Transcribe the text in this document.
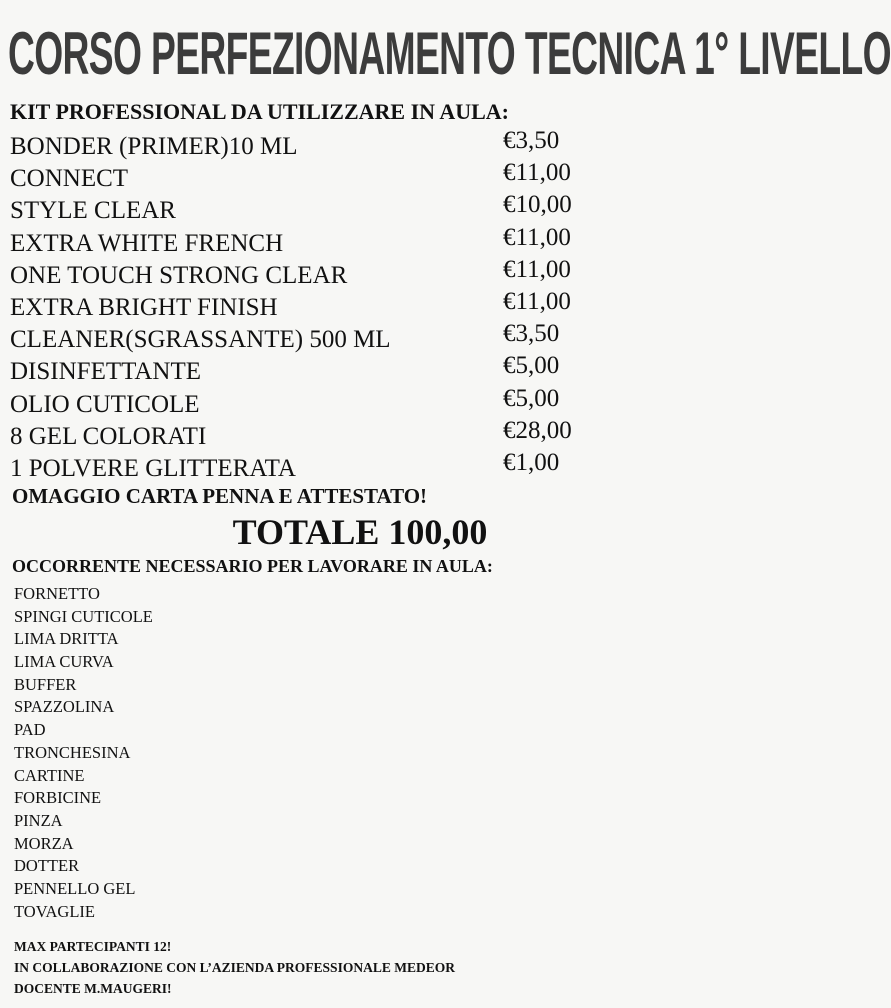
CORSO PERFEZIONAMENTO TECNICA 1° LIVELLO
KIT PROFESSIONAL DA UTILIZZARE IN AULA:
BONDER (PRIMER)10 ML	€3,50
CONNECT	€11,00
STYLE CLEAR	€10,00
EXTRA WHITE FRENCH	€11,00
ONE TOUCH STRONG CLEAR	€11,00
EXTRA BRIGHT FINISH	€11,00
CLEANER(SGRASSANTE) 500 ML	€3,50
DISINFETTANTE	€5,00
OLIO CUTICOLE	€5,00
8 GEL COLORATI	€28,00
1 POLVERE GLITTERATA	€1,00
OMAGGIO CARTA PENNA E ATTESTATO!
TOTALE 100,00
OCCORRENTE NECESSARIO PER LAVORARE IN AULA:
FORNETTO
SPINGI CUTICOLE
LIMA DRITTA
LIMA CURVA
BUFFER
SPAZZOLINA
PAD
TRONCHESINA
CARTINE
FORBICINE
PINZA
MORZA
DOTTER
PENNELLO GEL
TOVAGLIE
MAX PARTECIPANTI 12!
IN COLLABORAZIONE CON L’AZIENDA PROFESSIONALE MEDEOR
DOCENTE M.MAUGERI!
